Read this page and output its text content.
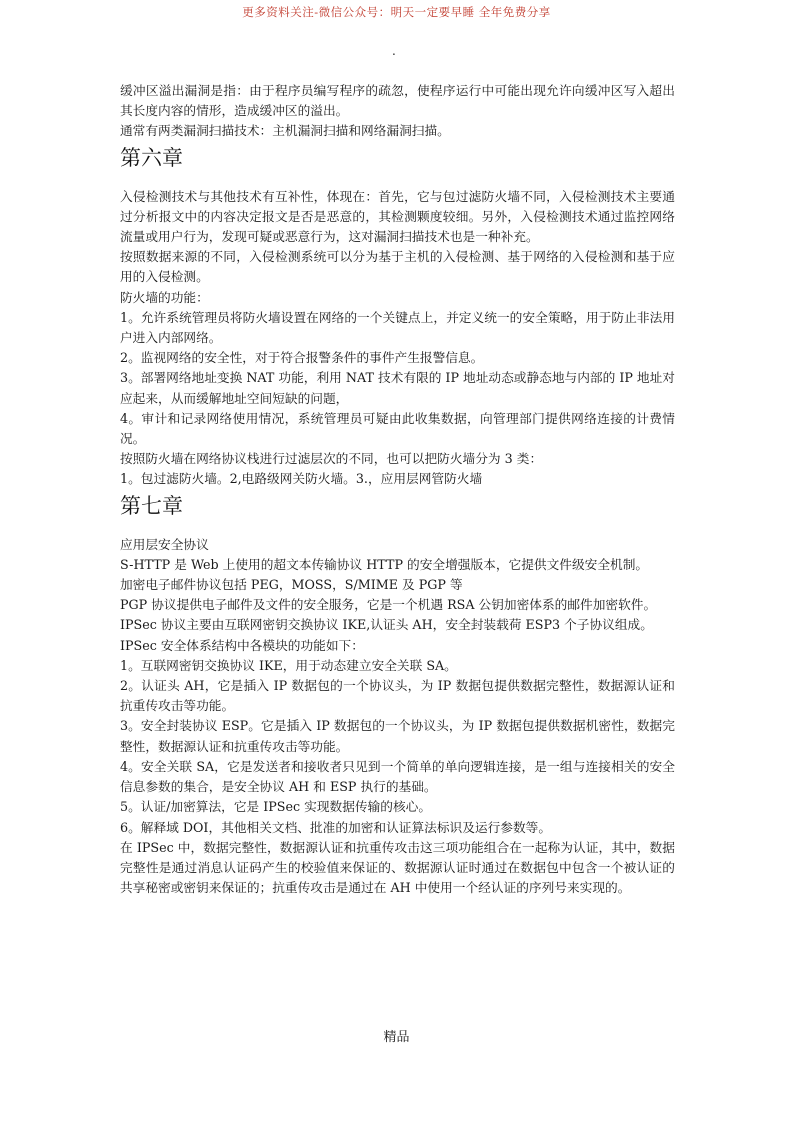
更多资料关注-微信公众号：明天一定要早睡 全年免费分享
.

缓冲区溢出漏洞是指：由于程序员编写程序的疏忽，使程序运行中可能出现允许向缓冲区写入超出其长度内容的情形，造成缓冲区的溢出。

通常有两类漏洞扫描技术：主机漏洞扫描和网络漏洞扫描。

第六章

入侵检测技术与其他技术有互补性，体现在：首先，它与包过滤防火墙不同，入侵检测技术主要通过分析报文中的内容决定报文是否是恶意的，其检测颗度较细。另外，入侵检测技术通过监控网络流量或用户行为，发现可疑或恶意行为，这对漏洞扫描技术也是一种补充。

按照数据来源的不同，入侵检测系统可以分为基于主机的入侵检测、基于网络的入侵检测和基于应用的入侵检测。

防火墙的功能：

1。允许系统管理员将防火墙设置在网络的一个关键点上，并定义统一的安全策略，用于防止非法用户进入内部网络。

2。监视网络的安全性，对于符合报警条件的事件产生报警信息。

3。部署网络地址变换 NAT 功能，利用 NAT 技术有限的 IP 地址动态或静态地与内部的 IP 地址对应起来，从而缓解地址空间短缺的问题，

4。审计和记录网络使用情况，系统管理员可疑由此收集数据，向管理部门提供网络连接的计费情况。

按照防火墙在网络协议栈进行过滤层次的不同，也可以把防火墙分为 3 类：

1。包过滤防火墙。2,电路级网关防火墙。3.，应用层网管防火墙

第七章

应用层安全协议

S-HTTP 是 Web 上使用的超文本传输协议 HTTP 的安全增强版本，它提供文件级安全机制。

加密电子邮件协议包括 PEG，MOSS，S/MIME 及 PGP 等

PGP 协议提供电子邮件及文件的安全服务，它是一个机遇 RSA 公钥加密体系的邮件加密软件。

IPSec 协议主要由互联网密钥交换协议 IKE,认证头 AH，安全封装载荷 ESP3 个子协议组成。

IPSec 安全体系结构中各模块的功能如下：

1。互联网密钥交换协议 IKE，用于动态建立安全关联 SA。

2。认证头 AH，它是插入 IP 数据包的一个协议头，为 IP 数据包提供数据完整性，数据源认证和抗重传攻击等功能。

3。安全封装协议 ESP。它是插入 IP 数据包的一个协议头，为 IP 数据包提供数据机密性，数据完整性，数据源认证和抗重传攻击等功能。

4。安全关联 SA，它是发送者和接收者只见到一个简单的单向逻辑连接，是一组与连接相关的安全信息参数的集合，是安全协议 AH 和 ESP 执行的基础。

5。认证/加密算法，它是 IPSec 实现数据传输的核心。

6。解释域 DOI，其他相关文档、批准的加密和认证算法标识及运行参数等。

在 IPSec 中，数据完整性，数据源认证和抗重传攻击这三项功能组合在一起称为认证，其中，数据完整性是通过消息认证码产生的校验值来保证的、数据源认证时通过在数据包中包含一个被认证的共享秘密或密钥来保证的；抗重传攻击是通过在 AH 中使用一个经认证的序列号来实现的。

精品
